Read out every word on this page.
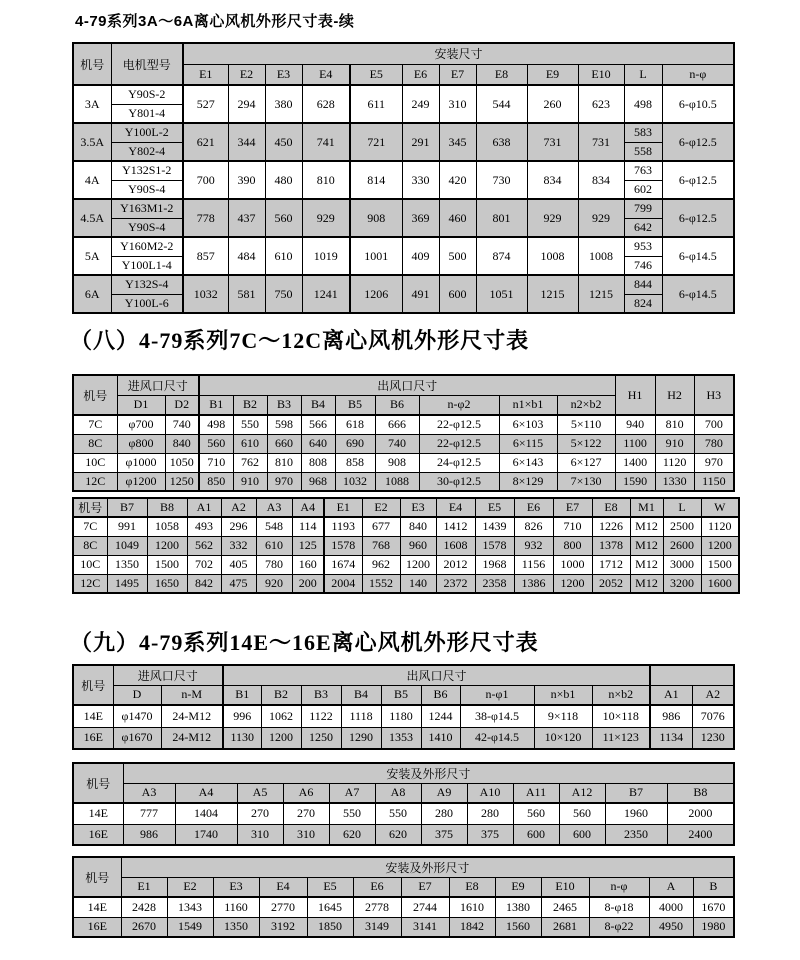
4-79系列3A～6A离心风机外形尺寸表-续
机号	电机型号	安装尺寸											
		E1	E2	E3	E4	E5	E6	E7	E8	E9	E10	L	n-φ
3A	Y90S-2	527	294	380	628	611	249	310	544	260	623	498	6-φ10.5
	Y801-4												
3.5A	Y100L-2	621	344	450	741	721	291	345	638	731	731	583	6-φ12.5
	Y802-4											558	
4A	Y132S1-2	700	390	480	810	814	330	420	730	834	834	763	6-φ12.5
	Y90S-4											602	
4.5A	Y163M1-2	778	437	560	929	908	369	460	801	929	929	799	6-φ12.5
	Y90S-4											642	
5A	Y160M2-2	857	484	610	1019	1001	409	500	874	1008	1008	953	6-φ14.5
	Y100L1-4											746	
6A	Y132S-4	1032	581	750	1241	1206	491	600	1051	1215	1215	844	6-φ14.5
	Y100L-6											824	
（八）4-79系列7C～12C离心风机外形尺寸表
机号	进风口尺寸		出风口尺寸									H1	H2	H3
	D1	D2	B1	B2	B3	B4	B5	B6	n-φ2	n1×b1	n2×b2			
7C	φ700	740	498	550	598	566	618	666	22-φ12.5	6×103	5×110	940	810	700
8C	φ800	840	560	610	660	640	690	740	22-φ12.5	6×115	5×122	1100	910	780
10C	φ1000	1050	710	762	810	808	858	908	24-φ12.5	6×143	6×127	1400	1120	970
12C	φ1200	1250	850	910	970	968	1032	1088	30-φ12.5	8×129	7×130	1590	1330	1150
机号	B7	B8	A1	A2	A3	A4	E1	E2	E3	E4	E5	E6	E7	E8	M1	L	W
7C	991	1058	493	296	548	114	1193	677	840	1412	1439	826	710	1226	M12	2500	1120
8C	1049	1200	562	332	610	125	1578	768	960	1608	1578	932	800	1378	M12	2600	1200
10C	1350	1500	702	405	780	160	1674	962	1200	2012	1968	1156	1000	1712	M12	3000	1500
12C	1495	1650	842	475	920	200	2004	1552	140	2372	2358	1386	1200	2052	M12	3200	1600
（九）4-79系列14E～16E离心风机外形尺寸表
机号	进风口尺寸		出风口尺寸										
	D	n-M	B1	B2	B3	B4	B5	B6	n-φ1	n×b1	n×b2	A1	A2
14E	φ1470	24-M12	996	1062	1122	1118	1180	1244	38-φ14.5	9×118	10×118	986	7076
16E	φ1670	24-M12	1130	1200	1250	1290	1353	1410	42-φ14.5	10×120	11×123	1134	1230
机号	安装及外形尺寸											
	A3	A4	A5	A6	A7	A8	A9	A10	A11	A12	B7	B8
14E	777	1404	270	270	550	550	280	280	560	560	1960	2000
16E	986	1740	310	310	620	620	375	375	600	600	2350	2400
机号	安装及外形尺寸												
	E1	E2	E3	E4	E5	E6	E7	E8	E9	E10	n-φ	A	B
14E	2428	1343	1160	2770	1645	2778	2744	1610	1380	2465	8-φ18	4000	1670
16E	2670	1549	1350	3192	1850	3149	3141	1842	1560	2681	8-φ22	4950	1980
